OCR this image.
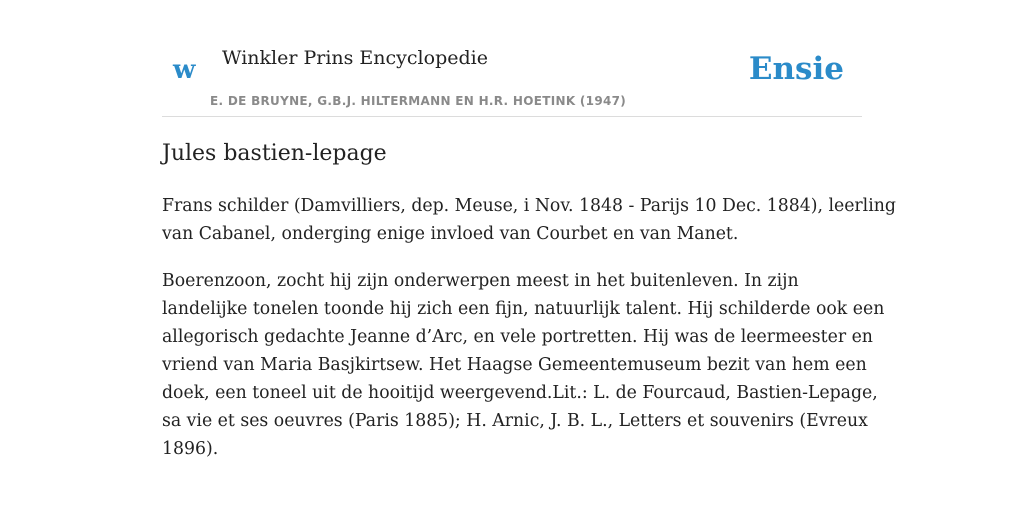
w Winkler Prins Encyclopedie
E. DE BRUYNE, G.B.J. HILTERMANN EN H.R. HOETINK (1947)
Ensie
Jules bastien-lepage

Frans schilder (Damvilliers, dep. Meuse, i Nov. 1848 - Parijs 10 Dec. 1884), leerling
van Cabanel, onderging enige invloed van Courbet en van Manet.

Boerenzoon, zocht hij zijn onderwerpen meest in het buitenleven. In zijn
landelijke tonelen toonde hij zich een fijn, natuurlijk talent. Hij schilderde ook een
allegorisch gedachte Jeanne d’Arc, en vele portretten. Hij was de leermeester en
vriend van Maria Basjkirtsew. Het Haagse Gemeentemuseum bezit van hem een
doek, een toneel uit de hooitijd weergevend.Lit.: L. de Fourcaud, Bastien-Lepage,
sa vie et ses oeuvres (Paris 1885); H. Arnic, J. B. L., Letters et souvenirs (Evreux
1896).
